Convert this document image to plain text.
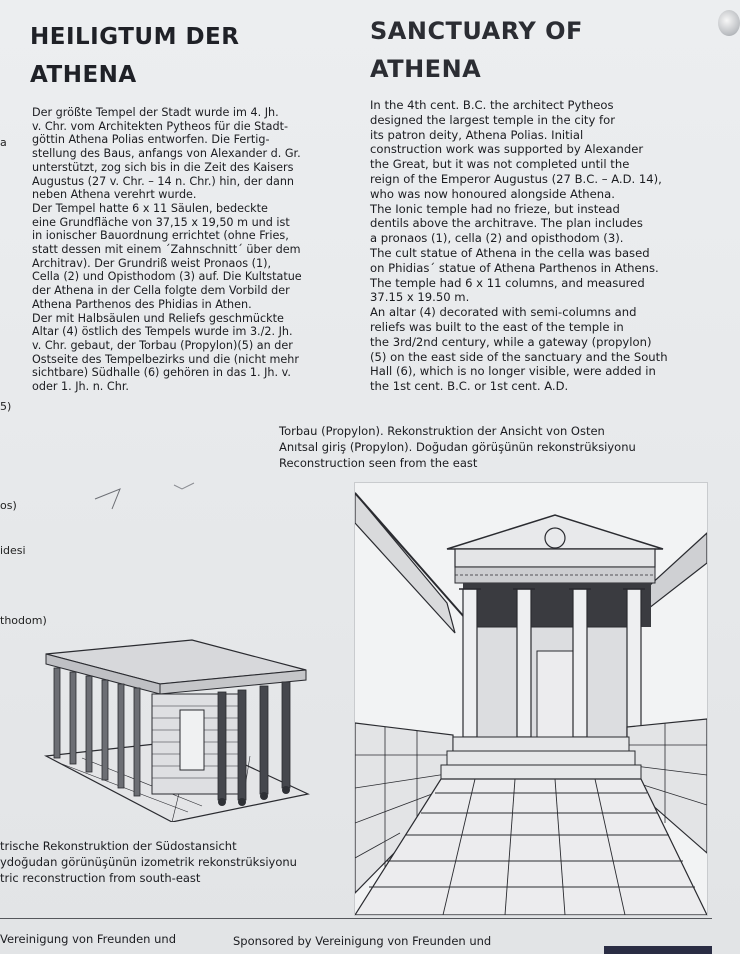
HEILIGTUM DER
ATHENA
SANCTUARY OF
ATHENA

Der größte Tempel der Stadt wurde im 4. Jh.
v. Chr. vom Architekten Pytheos für die Stadt-
göttin Athena Polias entworfen. Die Fertig-
stellung des Baus, anfangs von Alexander d. Gr.
unterstützt, zog sich bis in die Zeit des Kaisers
Augustus (27 v. Chr. – 14 n. Chr.) hin, der dann
neben Athena verehrt wurde.
Der Tempel hatte 6 x 11 Säulen, bedeckte
eine Grundfläche von 37,15 x 19,50 m und ist
in ionischer Bauordnung errichtet (ohne Fries,
statt dessen mit einem ´Zahnschnitt´ über dem
Architrav). Der Grundriß weist Pronaos (1),
Cella (2) und Opisthodom (3) auf. Die Kultstatue
der Athena in der Cella folgte dem Vorbild der
Athena Parthenos des Phidias in Athen.
Der mit Halbsäulen und Reliefs geschmückte
Altar (4) östlich des Tempels wurde im 3./2. Jh.
v. Chr. gebaut, der Torbau (Propylon)(5) an der
Ostseite des Tempelbezirks und die (nicht mehr
sichtbare) Südhalle (6) gehören in das 1. Jh. v.
oder 1. Jh. n. Chr.

In the 4th cent. B.C. the architect Pytheos
designed the largest temple in the city for
its patron deity, Athena Polias. Initial
construction work was supported by Alexander
the Great, but it was not completed until the
reign of the Emperor Augustus (27 B.C. – A.D. 14),
who was now honoured alongside Athena.
The Ionic temple had no frieze, but instead
dentils above the architrave. The plan includes
a pronaos (1), cella (2) and opisthodom (3).
The cult statue of Athena in the cella was based
on Phidias´ statue of Athena Parthenos in Athens.
The temple had 6 x 11 columns, and measured
37.15 x 19.50 m.
An altar (4) decorated with semi-columns and
reliefs was built to the east of the temple in
the 3rd/2nd century, while a gateway (propylon)
(5) on the east side of the sanctuary and the South
Hall (6), which is no longer visible, were added in
the 1st cent. B.C. or 1st cent. A.D.

a

5)

os)

idesi

thodom)

Torbau (Propylon). Rekonstruktion der Ansicht von Osten
Anıtsal giriş (Propylon). Doğudan görüşünün rekonstrüksiyonu
Reconstruction seen from the east

trische Rekonstruktion der Südostansicht
ydoğudan görünüşünün izometrik rekonstrüksiyonu
tric reconstruction from south-east

Vereinigung von Freunden und	Sponsored by Vereinigung von Freunden und
